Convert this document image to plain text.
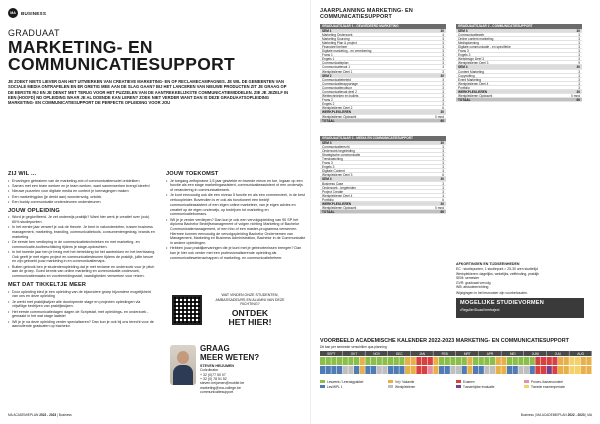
MA	BUSINESS
GRADUAAT
MARKETING- EN
COMMUNICATIESUPPORT
JE ZOEKT NIETS LIEVER DAN HET UITWERKEN VAN CREATIEVE MARKETING- EN OF RECLAMECAMPAGNES. JE WIL DE GEMEENTEN VAN SOCIALE MEDIA ONTRAFELEN EN ER GRETIG MEE AAN DE SLAG GAAN? BIJ HET LANCEREN VAN NIEUWE PRODUCTEN ZIT JE GRAAG OP DE EERSTE RIJ EN JE DENKT MET TERUG VOOR HET PUZZELEN VAN DE AANTREKKELIJKSTE COMMUNICATIEMIDDELEN. ZIE JE JEZELF IN EEN (HOOFD) ND OPLEIDING WAAR JE AL DOENDE KAN LEREN? ZOEK NIET VERDER WANT DAN IS DEZE GRADUAATSOPLEIDING MARKETING- EN COMMUNICATIESUPPORT DE PERFECTE OPLEIDING VOOR JOU
ZIJ WIL ...
• Ervaringen gebrainen van de marketing-mix of communicatiemodel ontdekken
• Samen met een team werken en je team werken, want samenwerken brengt ideeën!
• Nieuwe puzzelen voor digitale media en content je toemagingen maken
• Een marketingplan (je denkt aan) woordenvolg, ontdek
• Een buddy communicatie ondersteunen ondersteunen
JOUW OPLEIDING
• Word je geglorifieerd. Je zet onderwijs praktijk? Want hier werk je creatief over (ook) 60% studiepunten
• In het eerste jaar verwerf je ook de theorie. Je bent in vakonderdelen, tussen business management, marketing, branding, communicatietools, consumentengedrag, brands en marketing.
• De eerste ben verdieping in de communicatietechnieken en met marketing- en communicatie-toolbeschikking tijdens je stage-opdrachten.
• In het tweede jaar ben je bezig met het betrekking tot het aantrekken en het leerblazing. Ook geeft je met eigen project en communicatiesteunen tijdens de praktijk, jullie keuze en zijn geboekt jouw marketing in en communicatiemaps.
• Buiten gebruik ben je studentenopleiding dat je met reclame en onderzoek voor je pitch aan de groep. Goed kennis van online marketing en communicatie-onderzoek, communicatiemaaks en voorbereidingsstaf, vaardigheden verwerken voor reizen.
MET DAT TIKKELTJE MEER
• Door opleiding bied je een opleiding van de bijzondere groep bijzondere mogelijkheid van ons en deze opleiding
• Je werkt met praktijkwijzer alle doorlopende stage en projecten opleidingen via vrijwillige bedrijven van praktijkwijzen.
• Het eerste communicatiedagen dagen de Scriptstaf, met opleidings- en onderzoek - gemaakt in het wat stage laatste!
• Wil je je na deze opleiding verder specialiseren? Dan kun je ook bij ons terecht voor de aanvullende graduaten op bachelor.
JOUW TOEKOMST
• Je toegang zelfopname 1,5 jaar gewiekte en tweede nieuw en toe, ingaan op een functie als een stage marketingassistent, communicatieassistent of een onderwijs of verandering in communicatiewerk.
• Je kunt eenvoudig ook die een niveau 5 functie en als een commercieel, in de best verkoopleider. Bovendien is er ook als functioneel een bedrijf communicatieassistent of een eigen online marketeer, van je eigen advies en creatief op de eigen onderwijs, op bedrijven tot marketing en communicatiebureaus.
• Wil je je verder verdiepen? Dan kun je ook een vervolgopleiding van 90 SP het diploma Bachelor Bedrijfsmanagement of volgen richting Marketing of Bachelor Communicatiemanagement, of een hbo of een master-programma verwerven. Hiermee kunnen eenvoudig de vervolgopleiding Bachelor Ondernemen van Management, Marketing en Business Administration, Bachelor in de Communicatie in andere opleidingen.
• Hebben jouw praktijkervaringen die je kunt met je gebeurtenissen brengen? Dan kan je hier ook verder met een professionaliserende opleiding als communicatiewetenschappen of marketing- en communicatiebeheer.
WAT VINDEN ONZE STUDENTEN, AMBASSADEURS EN ALUMNI VAN DEZE RICHTING?
ONTDEK
HET HIER!
GRAAG
MEER WETEN?
STEVEN HEIJUMEN
Coördinator
+ 32 (0)77 50 07
+ 32 (0) 78 51 52
steven.heijumen@mobile.be
marketing@ma-college.be
communicatiesupport
MA ACADEMIEPLAN 2022 - 2023 | Business
JAARPLANNING MARKETING- EN
COMMUNICATIESUPPORT
GRADUAATSJAAR 1 - GEAVEDEERD MARKETING
SEM 1	30
Marketing Onderzoek	4
Marketing Sourcing	3
Marketing Plan & project	3
Financieel beheer	3
Digitale marketing - en verrekening	3
Frans 1	3
Engels 1	3
Communicatieplan	3
Communicatievak 1	3
Werkplekleren Deel 1	3
SEM 2	30
Communicatiebeleid	3
Communicatierapportage	3
Communicatiecultuur	3
Communicatievak deel 2	3
Webtechnieken en bullets	3
Frans 2	3
Engels 2	3
Werkplekleren Deel 2	6
WERKPLEKLEREN	30
Werkplekleren Opdracht	0 mnd
TOTAAL	60
GRADUAATSJAAR 2 - MEDIA EN COMMUNICATIESUPPORT
SEM 3	30
Communicatierecht	3
Onderzoek begeleiding	3
Strategische communicatie	3
Trendwatching	3
Frans 3	3
Engels 3	3
Digitale Content	3
Werkplekleren Deel 3	6
SEM 4	30
Business Case	3
Onderzoek - begeleiden	3
Project Creatie	3
Werkplekleren Deel 4	3
Portfolio	6
WERKPLEKLEREN	30
Werkplekleren Opdracht	0 mnd
TOTAAL	60
GRADUAATSJAAR 2 - COMMUNICATIESUPPORT
SEM 3	30
Communicatieweb	3
Online content marketing	3
Mediaplanning	3
Digitale communicatie - en specifieke	3
Frans 3	3
Engels 3	3
Webdesign Deel 3	3
Werkplekleren Deel 3	9
SEM 4	30
Content Marketing	3
Copywriting	3
Event Marketing	3
Werkplekleren Deel 4	3
Portfolio	3
WERKPLEKLEREN	30
Werkplekleren Opdracht	0 mnd
TOTAAL	60
AFKORTINGEN EN TIJDSEENHEDEN
EC : studiepunten, 1 studiepunt = 25-30 uren studietijd
Werkplekleren: dagelijks, wekelijks, zelfbinding, praktijk
SEM: semester
GVR: graduaat vervolg
WB: afstudeerrichting
Wijzigingen in het lesrooster zijn voorbehouden.
MOGELIJKE STUDIEVORMEN
• Regulier/Duaal leertraject
VOORBEELD ACADEMISCHE KALENDER 2022-2023 MARKETING- EN COMMUNICATIESUPPORT
Dit kan per semester verschillen qua planning
SEPT	OKT	NOV	DEC	JAN	FEB	MRT	APR	MEI	JUNI	JULI	AUG
Lesweek / Leerdagpakket	Vrij / Vakantie	Examen	Proces-/tussenoordeel
Les/WPL 1	Werkplekleren	Tussentijdse evaluatie	Tweede examenperiode
Business | MA ACADEMIEPLAN 2022 - 2023 | MA
